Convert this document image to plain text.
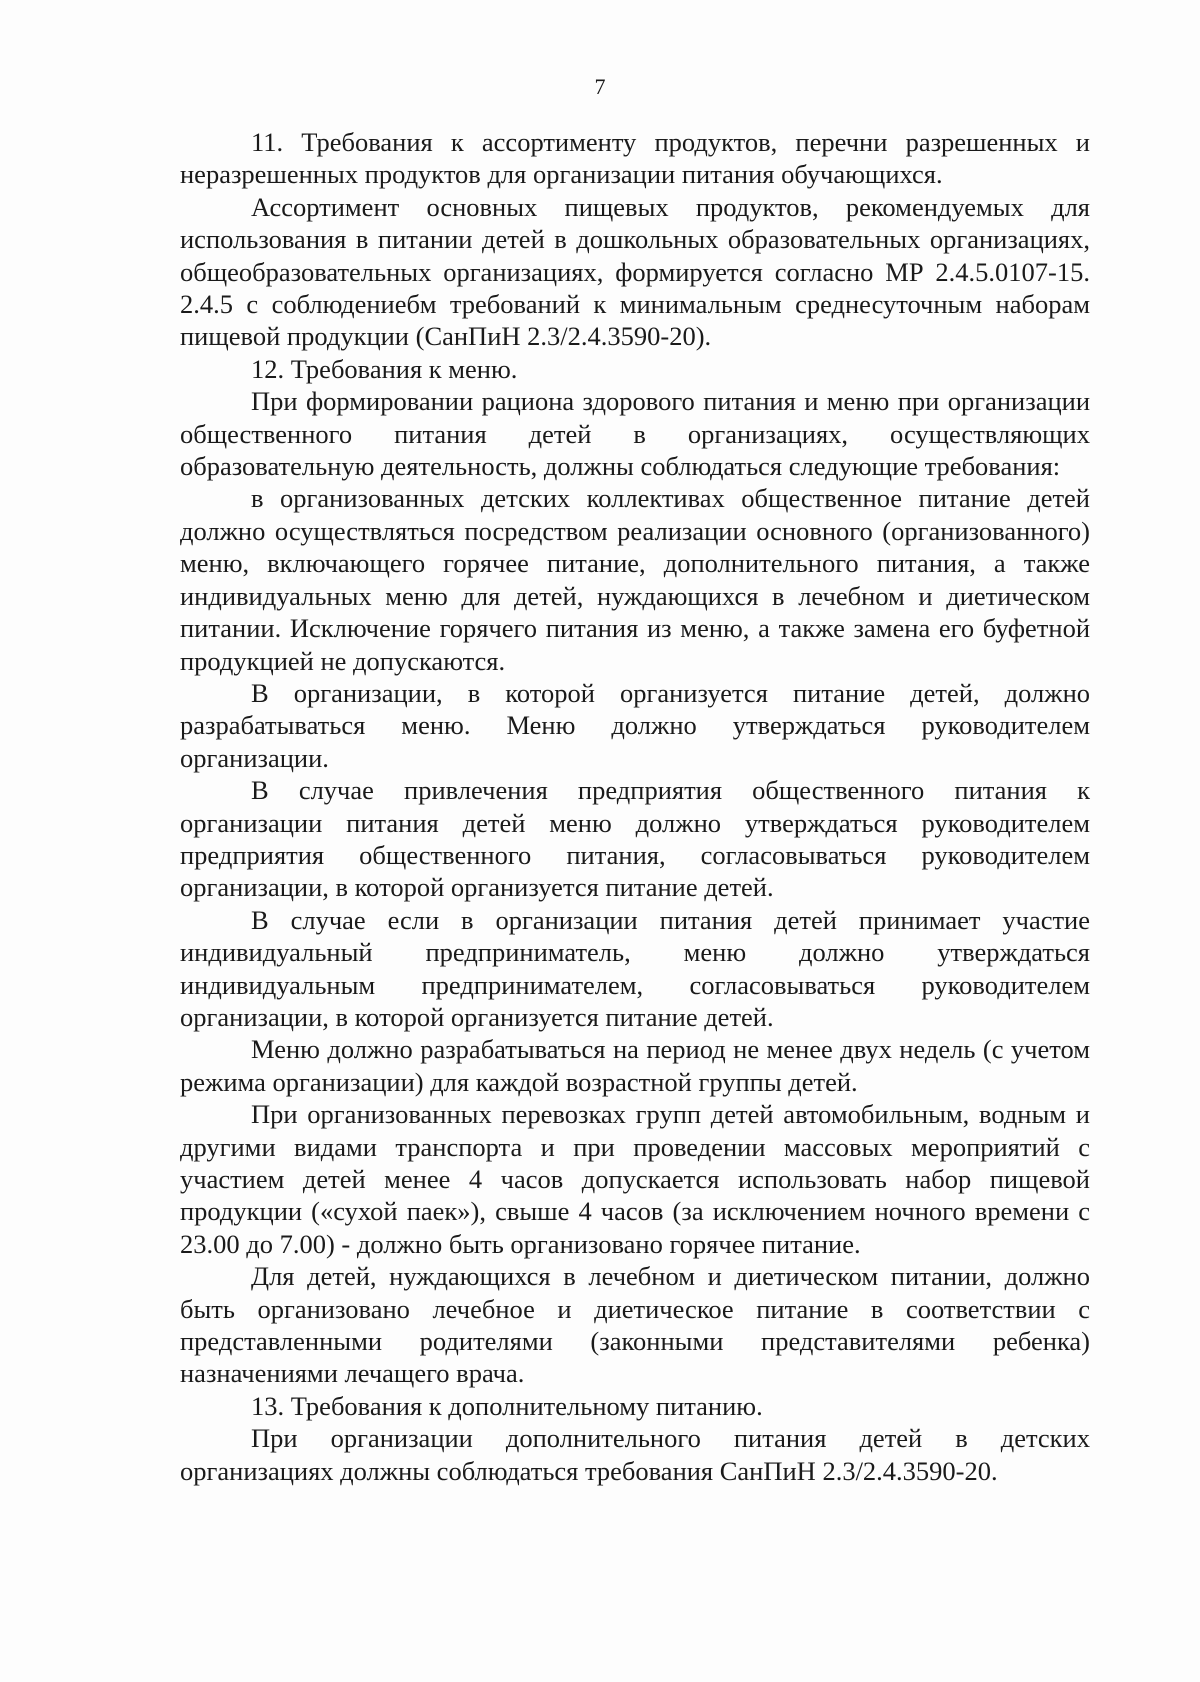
7

11. Требования к ассортименту продуктов, перечни разрешенных и неразрешенных продуктов для организации питания обучающихся.

Ассортимент основных пищевых продуктов, рекомендуемых для использования в питании детей в дошкольных образовательных организациях, общеобразовательных организациях, формируется согласно МР 2.4.5.0107-15. 2.4.5 с соблюдениебм требований к минимальным среднесуточным наборам пищевой продукции (СанПиН 2.3/2.4.3590-20).

12. Требования к меню.

При формировании рациона здорового питания и меню при организации общественного питания детей в организациях, осуществляющих образовательную деятельность, должны соблюдаться следующие требования:

в организованных детских коллективах общественное питание детей должно осуществляться посредством реализации основного (организованного) меню, включающего горячее питание, дополнительного питания, а также индивидуальных меню для детей, нуждающихся в лечебном и диетическом питании. Исключение горячего питания из меню, а также замена его буфетной продукцией не допускаются.

В организации, в которой организуется питание детей, должно разрабатываться меню. Меню должно утверждаться руководителем организации.

В случае привлечения предприятия общественного питания к организации питания детей меню должно утверждаться руководителем предприятия общественного питания, согласовываться руководителем организации, в которой организуется питание детей.

В случае если в организации питания детей принимает участие индивидуальный предприниматель, меню должно утверждаться индивидуальным предпринимателем, согласовываться руководителем организации, в которой организуется питание детей.

Меню должно разрабатываться на период не менее двух недель (с учетом режима организации) для каждой возрастной группы детей.

При организованных перевозках групп детей автомобильным, водным и другими видами транспорта и при проведении массовых мероприятий с участием детей менее 4 часов допускается использовать набор пищевой продукции («сухой паек»), свыше 4 часов (за исключением ночного времени с 23.00 до 7.00) - должно быть организовано горячее питание.

Для детей, нуждающихся в лечебном и диетическом питании, должно быть организовано лечебное и диетическое питание в соответствии с представленными родителями (законными представителями ребенка) назначениями лечащего врача.

13. Требования к дополнительному питанию.

При организации дополнительного питания детей в детских организациях должны соблюдаться требования СанПиН 2.3/2.4.3590-20.
